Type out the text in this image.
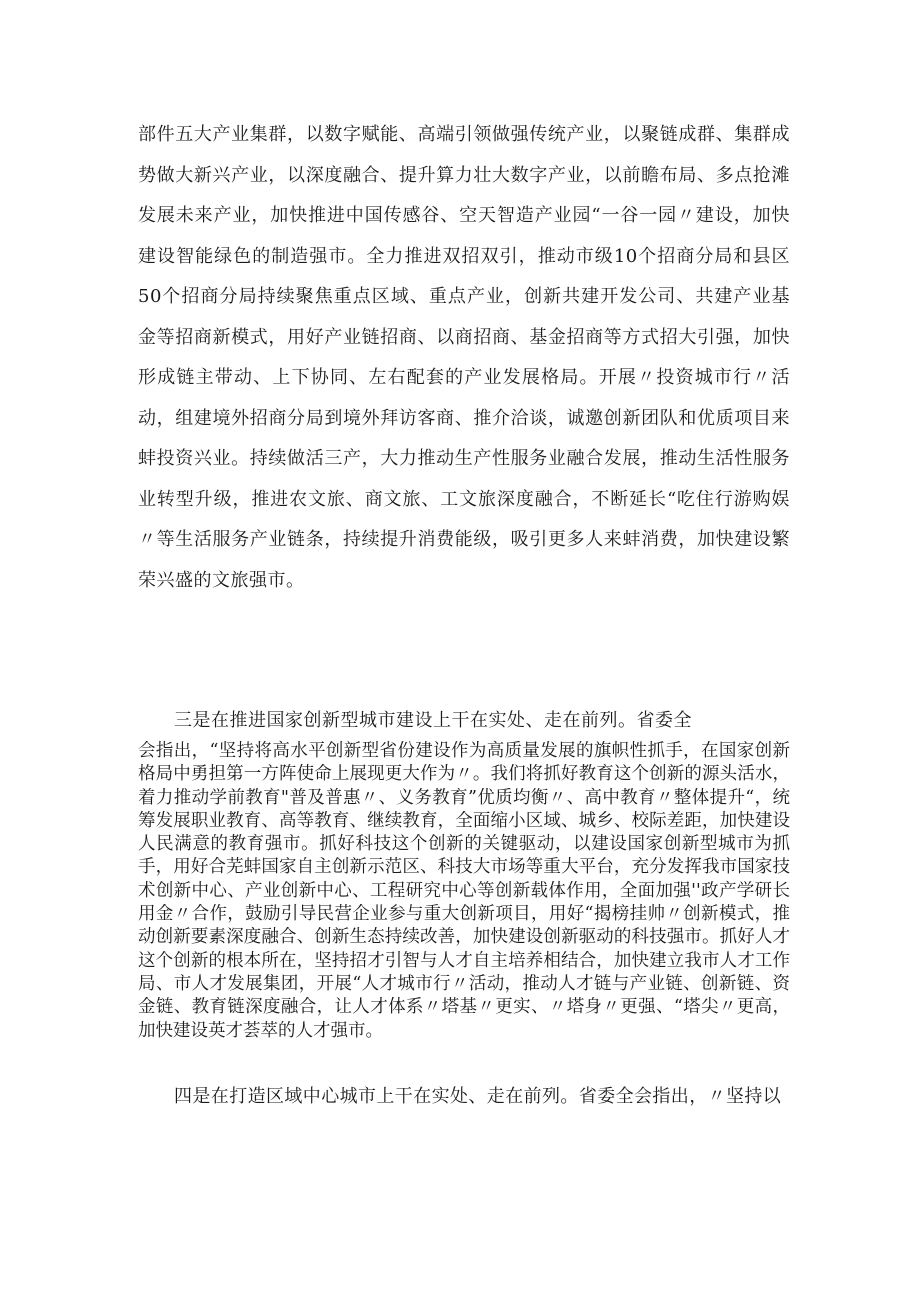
部件五大产业集群，以数字赋能、高端引领做强传统产业，以聚链成群、集群成势做大新兴产业，以深度融合、提升算力壮大数字产业，以前瞻布局、多点抢滩发展未来产业，加快推进中国传感谷、空天智造产业园“一谷一园〃建设，加快建设智能绿色的制造强市。全力推进双招双引，推动市级10个招商分局和县区50个招商分局持续聚焦重点区域、重点产业，创新共建开发公司、共建产业基金等招商新模式，用好产业链招商、以商招商、基金招商等方式招大引强，加快形成链主带动、上下协同、左右配套的产业发展格局。开展〃投资城市行〃活动，组建境外招商分局到境外拜访客商、推介洽谈，诚邀创新团队和优质项目来蚌投资兴业。持续做活三产，大力推动生产性服务业融合发展，推动生活性服务业转型升级，推进农文旅、商文旅、工文旅深度融合，不断延长“吃住行游购娱〃等生活服务产业链条，持续提升消费能级，吸引更多人来蚌消费，加快建设繁荣兴盛的文旅强市。

三是在推进国家创新型城市建设上干在实处、走在前列。省委全

会指出，“坚持将高水平创新型省份建设作为高质量发展的旗帜性抓手，在国家创新格局中勇担第一方阵使命上展现更大作为〃。我们将抓好教育这个创新的源头活水，着力推动学前教育"普及普惠〃、义务教育”优质均衡〃、高中教育〃整体提升“，统筹发展职业教育、高等教育、继续教育，全面缩小区域、城乡、校际差距，加快建设人民满意的教育强市。抓好科技这个创新的关键驱动，以建设国家创新型城市为抓手，用好合芜蚌国家自主创新示范区、科技大市场等重大平台，充分发挥我市国家技术创新中心、产业创新中心、工程研究中心等创新载体作用，全面加强''政产学研长用金〃合作，鼓励引导民营企业参与重大创新项目，用好“揭榜挂帅〃创新模式，推动创新要素深度融合、创新生态持续改善，加快建设创新驱动的科技强市。抓好人才这个创新的根本所在，坚持招才引智与人才自主培养相结合，加快建立我市人才工作局、市人才发展集团，开展“人才城市行〃活动，推动人才链与产业链、创新链、资金链、教育链深度融合，让人才体系〃塔基〃更实、〃塔身〃更强、“塔尖〃更高，加快建设英才荟萃的人才强市。

四是在打造区域中心城市上干在实处、走在前列。省委全会指出，〃坚持以
